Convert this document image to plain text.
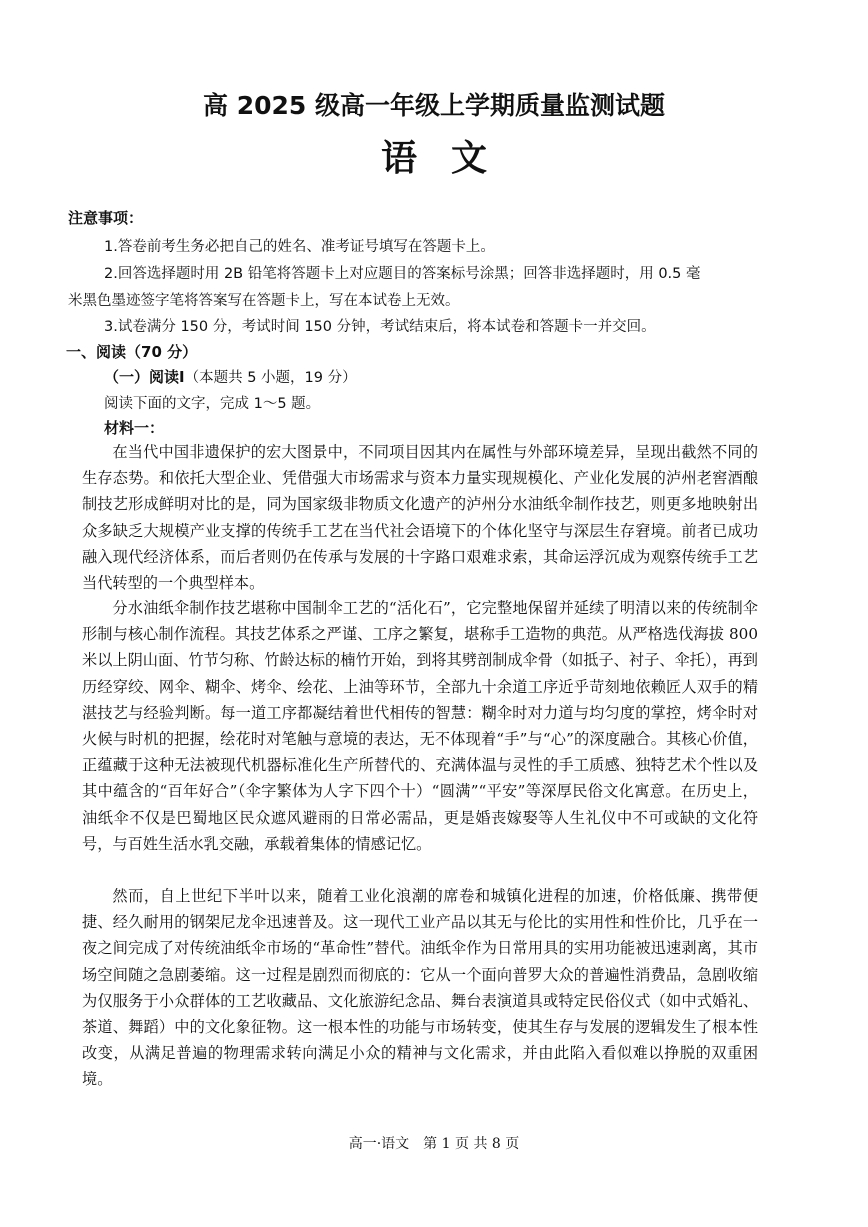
高 2025 级高一年级上学期质量监测试题
语文
注意事项：
1.答卷前考生务必把自己的姓名、准考证号填写在答题卡上。
2.回答选择题时用 2B 铅笔将答题卡上对应题目的答案标号涂黑；回答非选择题时，用 0.5 毫
米黑色墨迹签字笔将答案写在答题卡上，写在本试卷上无效。
3.试卷满分 150 分，考试时间 150 分钟，考试结束后，将本试卷和答题卡一并交回。
一、阅读（70 分）
（一）阅读Ⅰ（本题共 5 小题，19 分）
阅读下面的文字，完成 1～5 题。
材料一：

在当代中国非遗保护的宏大图景中，不同项目因其内在属性与外部环境差异，呈现出截然不同的生存态势。和依托大型企业、凭借强大市场需求与资本力量实现规模化、产业化发展的泸州老窖酒酿制技艺形成鲜明对比的是，同为国家级非物质文化遗产的泸州分水油纸伞制作技艺，则更多地映射出众多缺乏大规模产业支撑的传统手工艺在当代社会语境下的个体化坚守与深层生存窘境。前者已成功融入现代经济体系，而后者则仍在传承与发展的十字路口艰难求索，其命运浮沉成为观察传统手工艺当代转型的一个典型样本。

分水油纸伞制作技艺堪称中国制伞工艺的“活化石”，它完整地保留并延续了明清以来的传统制伞形制与核心制作流程。其技艺体系之严谨、工序之繁复，堪称手工造物的典范。从严格选伐海拔 800 米以上阴山面、竹节匀称、竹龄达标的楠竹开始，到将其劈剖制成伞骨（如抵子、衬子、伞托），再到历经穿绞、网伞、糊伞、烤伞、绘花、上油等环节，全部九十余道工序近乎苛刻地依赖匠人双手的精湛技艺与经验判断。每一道工序都凝结着世代相传的智慧：糊伞时对力道与均匀度的掌控，烤伞时对火候与时机的把握，绘花时对笔触与意境的表达，无不体现着“手”与“心”的深度融合。其核心价值，正蕴藏于这种无法被现代机器标准化生产所替代的、充满体温与灵性的手工质感、独特艺术个性以及其中蕴含的“百年好合”（伞字繁体为人字下四个十）“圆满”“平安”等深厚民俗文化寓意。在历史上，油纸伞不仅是巴蜀地区民众遮风避雨的日常必需品，更是婚丧嫁娶等人生礼仪中不可或缺的文化符号，与百姓生活水乳交融，承载着集体的情感记忆。

然而，自上世纪下半叶以来，随着工业化浪潮的席卷和城镇化进程的加速，价格低廉、携带便捷、经久耐用的钢架尼龙伞迅速普及。这一现代工业产品以其无与伦比的实用性和性价比，几乎在一夜之间完成了对传统油纸伞市场的“革命性”替代。油纸伞作为日常用具的实用功能被迅速剥离，其市场空间随之急剧萎缩。这一过程是剧烈而彻底的：它从一个面向普罗大众的普遍性消费品，急剧收缩为仅服务于小众群体的工艺收藏品、文化旅游纪念品、舞台表演道具或特定民俗仪式（如中式婚礼、茶道、舞蹈）中的文化象征物。这一根本性的功能与市场转变，使其生存与发展的逻辑发生了根本性改变，从满足普遍的物理需求转向满足小众的精神与文化需求，并由此陷入看似难以挣脱的双重困境。

高一·语文　第 1 页 共 8 页
